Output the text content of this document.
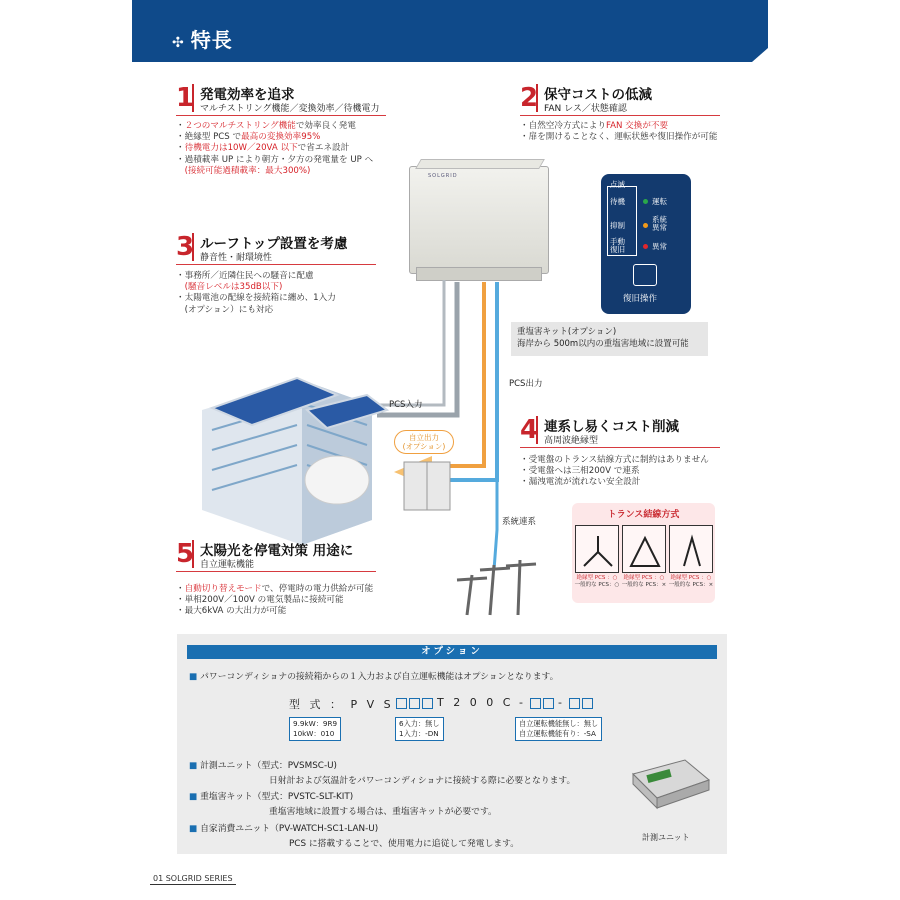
✣ 特長
1 発電効率を追求
マルチストリング機能／変換効率／待機電力
・２つのマルチストリング機能で効率良く発電
・絶縁型 PCS で最高の変換効率95%
・待機電力は10W／20VA 以下で省エネ設計
・過積載率 UP により朝方・夕方の発電量を UP へ
　(接続可能過積載率：最大300%)
2 保守コストの低減
FAN レス／状態確認
・自然空冷方式によりFAN 交換が不要
・扉を開けることなく、運転状態や復旧操作が可能
3 ルーフトップ設置を考慮
静音性・耐環境性
・事務所／近隣住民への騒音に配慮
　(騒音レベルは35dB以下)
・太陽電池の配線を接続箱に纏め、1入力
　(オプション）にも対応
SOLGRID
点滅
待機
抑制
手動
復旧
運転
系統
異常
異常
復旧操作
PCS入力
PCS出力
系統連系
自立出力
(オプション)
重塩害キット(オプション)
海岸から 500m以内の重塩害地域に設置可能
4 連系し易くコスト削減
高周波絶縁型
・受電盤のトランス結線方式に制約はありません
・受電盤へは三相200V で連系
・漏洩電流が流れない安全設計
トランス結線方式
絶縁型 PCS ：○
一般的な PCS：○
絶縁型 PCS ：○
一般的な PCS：×
絶縁型 PCS ：○
一般的な PCS：×
5 太陽光を停電対策 用途に
自立運転機能
・自動切り替えモードで、停電時の電力供給が可能
・単相200V／100V の電気製品に接続可能
・最大6kVA の大出力が可能
オプション
■ パワーコンディショナの接続箱からの１入力および自立運転機能はオプションとなります。
型 式 ： P V S	T 2 0 0 C -	-
9.9kW：9R9
10kW：010
6入力：無し
1入力：-DN
自立運転機能無し：無し
自立運転機能有り：-SA
■ 計測ユニット（型式：PVSMSC-U)
日射計および気温計をパワーコンディショナに接続する際に必要となります。
■ 重塩害キット（型式：PVSTC-SLT-KIT)
重塩害地域に設置する場合は、重塩害キットが必要です。
■ 自家消費ユニット（PV-WATCH-SC1-LAN-U)
PCS に搭載することで、使用電力に追従して発電します。
計測ユニット
01 SOLGRID SERIES
